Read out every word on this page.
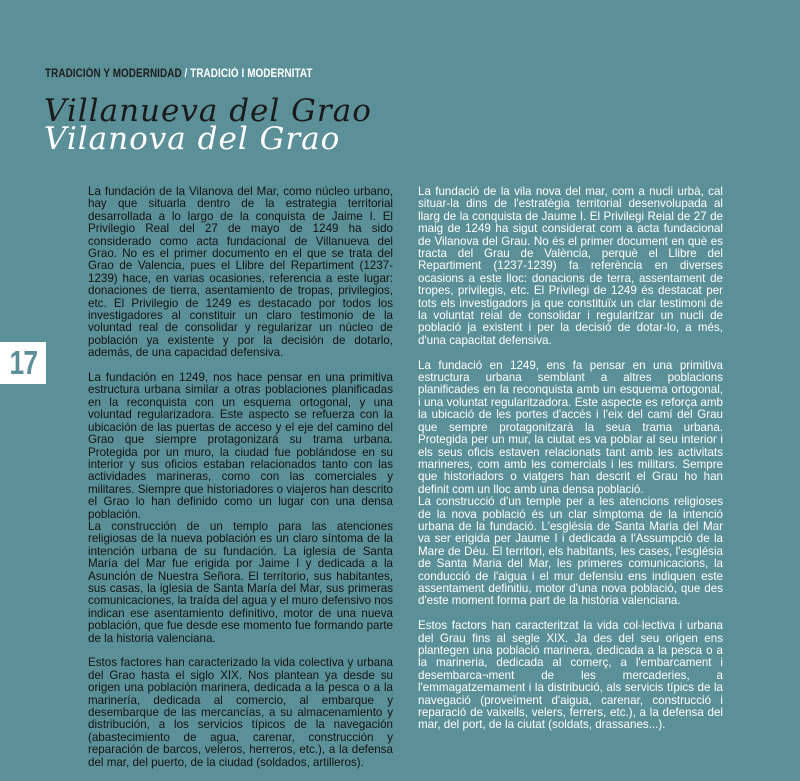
TRADICIÓN Y MODERNIDAD / TRADICIÓ I MODERNITAT
Villanueva del Grao
Vilanova del Grao
17

La fundación de la Vilanova del Mar, como núcleo urbano, hay que situarla dentro de la estrategia territorial desarrollada a lo largo de la conquista de Jaime I. El Privilegio Real del 27 de mayo de 1249 ha sido considerado como acta fundacional de Villanueva del Grao. No es el primer documento en el que se trata del Grao de Valencia, pues el Llibre del Repartiment (1237-1239) hace, en varias ocasiones, referencia a este lugar: donaciones de tierra, asentamiento de tropas, privilegios, etc. El Privilegio de 1249 es destacado por todos los investigadores al constituir un claro testimonio de la voluntad real de consolidar y regularizar un núcleo de población ya existente y por la decisión de dotarlo, además, de una capacidad defensiva.

La fundación en 1249, nos hace pensar en una primitiva estructura urbana similar a otras poblaciones planificadas en la reconquista con un esquema ortogonal, y una voluntad regularizadora. Este aspecto se refuerza con la ubicación de las puertas de acceso y el eje del camino del Grao que siempre protagonizará su trama urbana. Protegida por un muro, la ciudad fue poblándose en su interior y sus oficios estaban relacionados tanto con las actividades marineras, como con las comerciales y militares. Siempre que historiadores o viajeros han descrito el Grao lo han definido como un lugar con una densa población.

La construcción de un templo para las atenciones religiosas de la nueva población es un claro síntoma de la intención urbana de su fundación. La iglesia de Santa María del Mar fue erigida por Jaime I y dedicada a la Asunción de Nuestra Señora. El territorio, sus habitantes, sus casas, la iglesia de Santa María del Mar, sus primeras comunicaciones, la traída del agua y el muro defensivo nos indican ese asentamiento definitivo, motor de una nueva población, que fue desde ese momento fue formando parte de la historia valenciana.

Estos factores han caracterizado la vida colectiva y urbana del Grao hasta el siglo XIX. Nos plantean ya desde su origen una población marinera, dedicada a la pesca o a la marinería, dedicada al comercio, al embarque y desembarque de las mercancías, a su almacenamiento y distribución, a los servicios típicos de la navegación (abastecimiento de agua, carenar, construcción y reparación de barcos, veleros, herreros, etc.), a la defensa del mar, del puerto, de la ciudad (soldados, artilleros).

La fundació de la vila nova del mar, com a nucli urbà, cal situar-la dins de l'estratègia territorial desenvolupada al llarg de la conquista de Jaume I. El Privilegi Reial de 27 de maig de 1249 ha sigut considerat com a acta fundacional de Vilanova del Grau. No és el primer document en què es tracta del Grau de València, perquè el Llibre del Repartiment (1237-1239) fa referència en diverses ocasions a este lloc: donacions de terra, assentament de tropes, privilegis, etc. El Privilegi de 1249 és destacat per tots els investigadors ja que constituïx un clar testimoni de la voluntat reial de consolidar i regularitzar un nucli de població ja existent i per la decisió de dotar-lo, a més, d'una capacitat defensiva.

La fundació en 1249, ens fa pensar en una primitiva estructura urbana semblant a altres poblacions planificades en la reconquista amb un esquema ortogonal, i una voluntat regularitzadora. Este aspecte es reforça amb la ubicació de les portes d'accés i l'eix del camí del Grau que sempre protagonitzarà la seua trama urbana. Protegida per un mur, la ciutat es va poblar al seu interior i els seus oficis estaven relacionats tant amb les activitats marineres, com amb les comercials i les militars. Sempre que historiadors o viatgers han descrit el Grau ho han definit com un lloc amb una densa població.

La construcció d'un temple per a les atencions religioses de la nova població és un clar símptoma de la intenció urbana de la fundació. L'església de Santa Maria del Mar va ser erigida per Jaume I i dedicada a l'Assumpció de la Mare de Déu. El territori, els habitants, les cases, l'església de Santa Maria del Mar, les primeres comunicacions, la conducció de l'aigua i el mur defensiu ens indiquen este assentament definitiu, motor d'una nova població, que des d'este moment forma part de la història valenciana.

Estos factors han caracteritzat la vida col·lectiva i urbana del Grau fins al segle XIX. Ja des del seu origen ens plantegen una població marinera, dedicada a la pesca o a la marineria, dedicada al comerç, a l'embarcament i desembarca¬ment de les mercaderies, a l'emmagatzemament i la distribució, als servicis típics de la navegació (proveïment d'aigua, carenar, construcció i reparació de vaixells, velers, ferrers, etc.), a la defensa del mar, del port, de la ciutat (soldats, drassanes...).
